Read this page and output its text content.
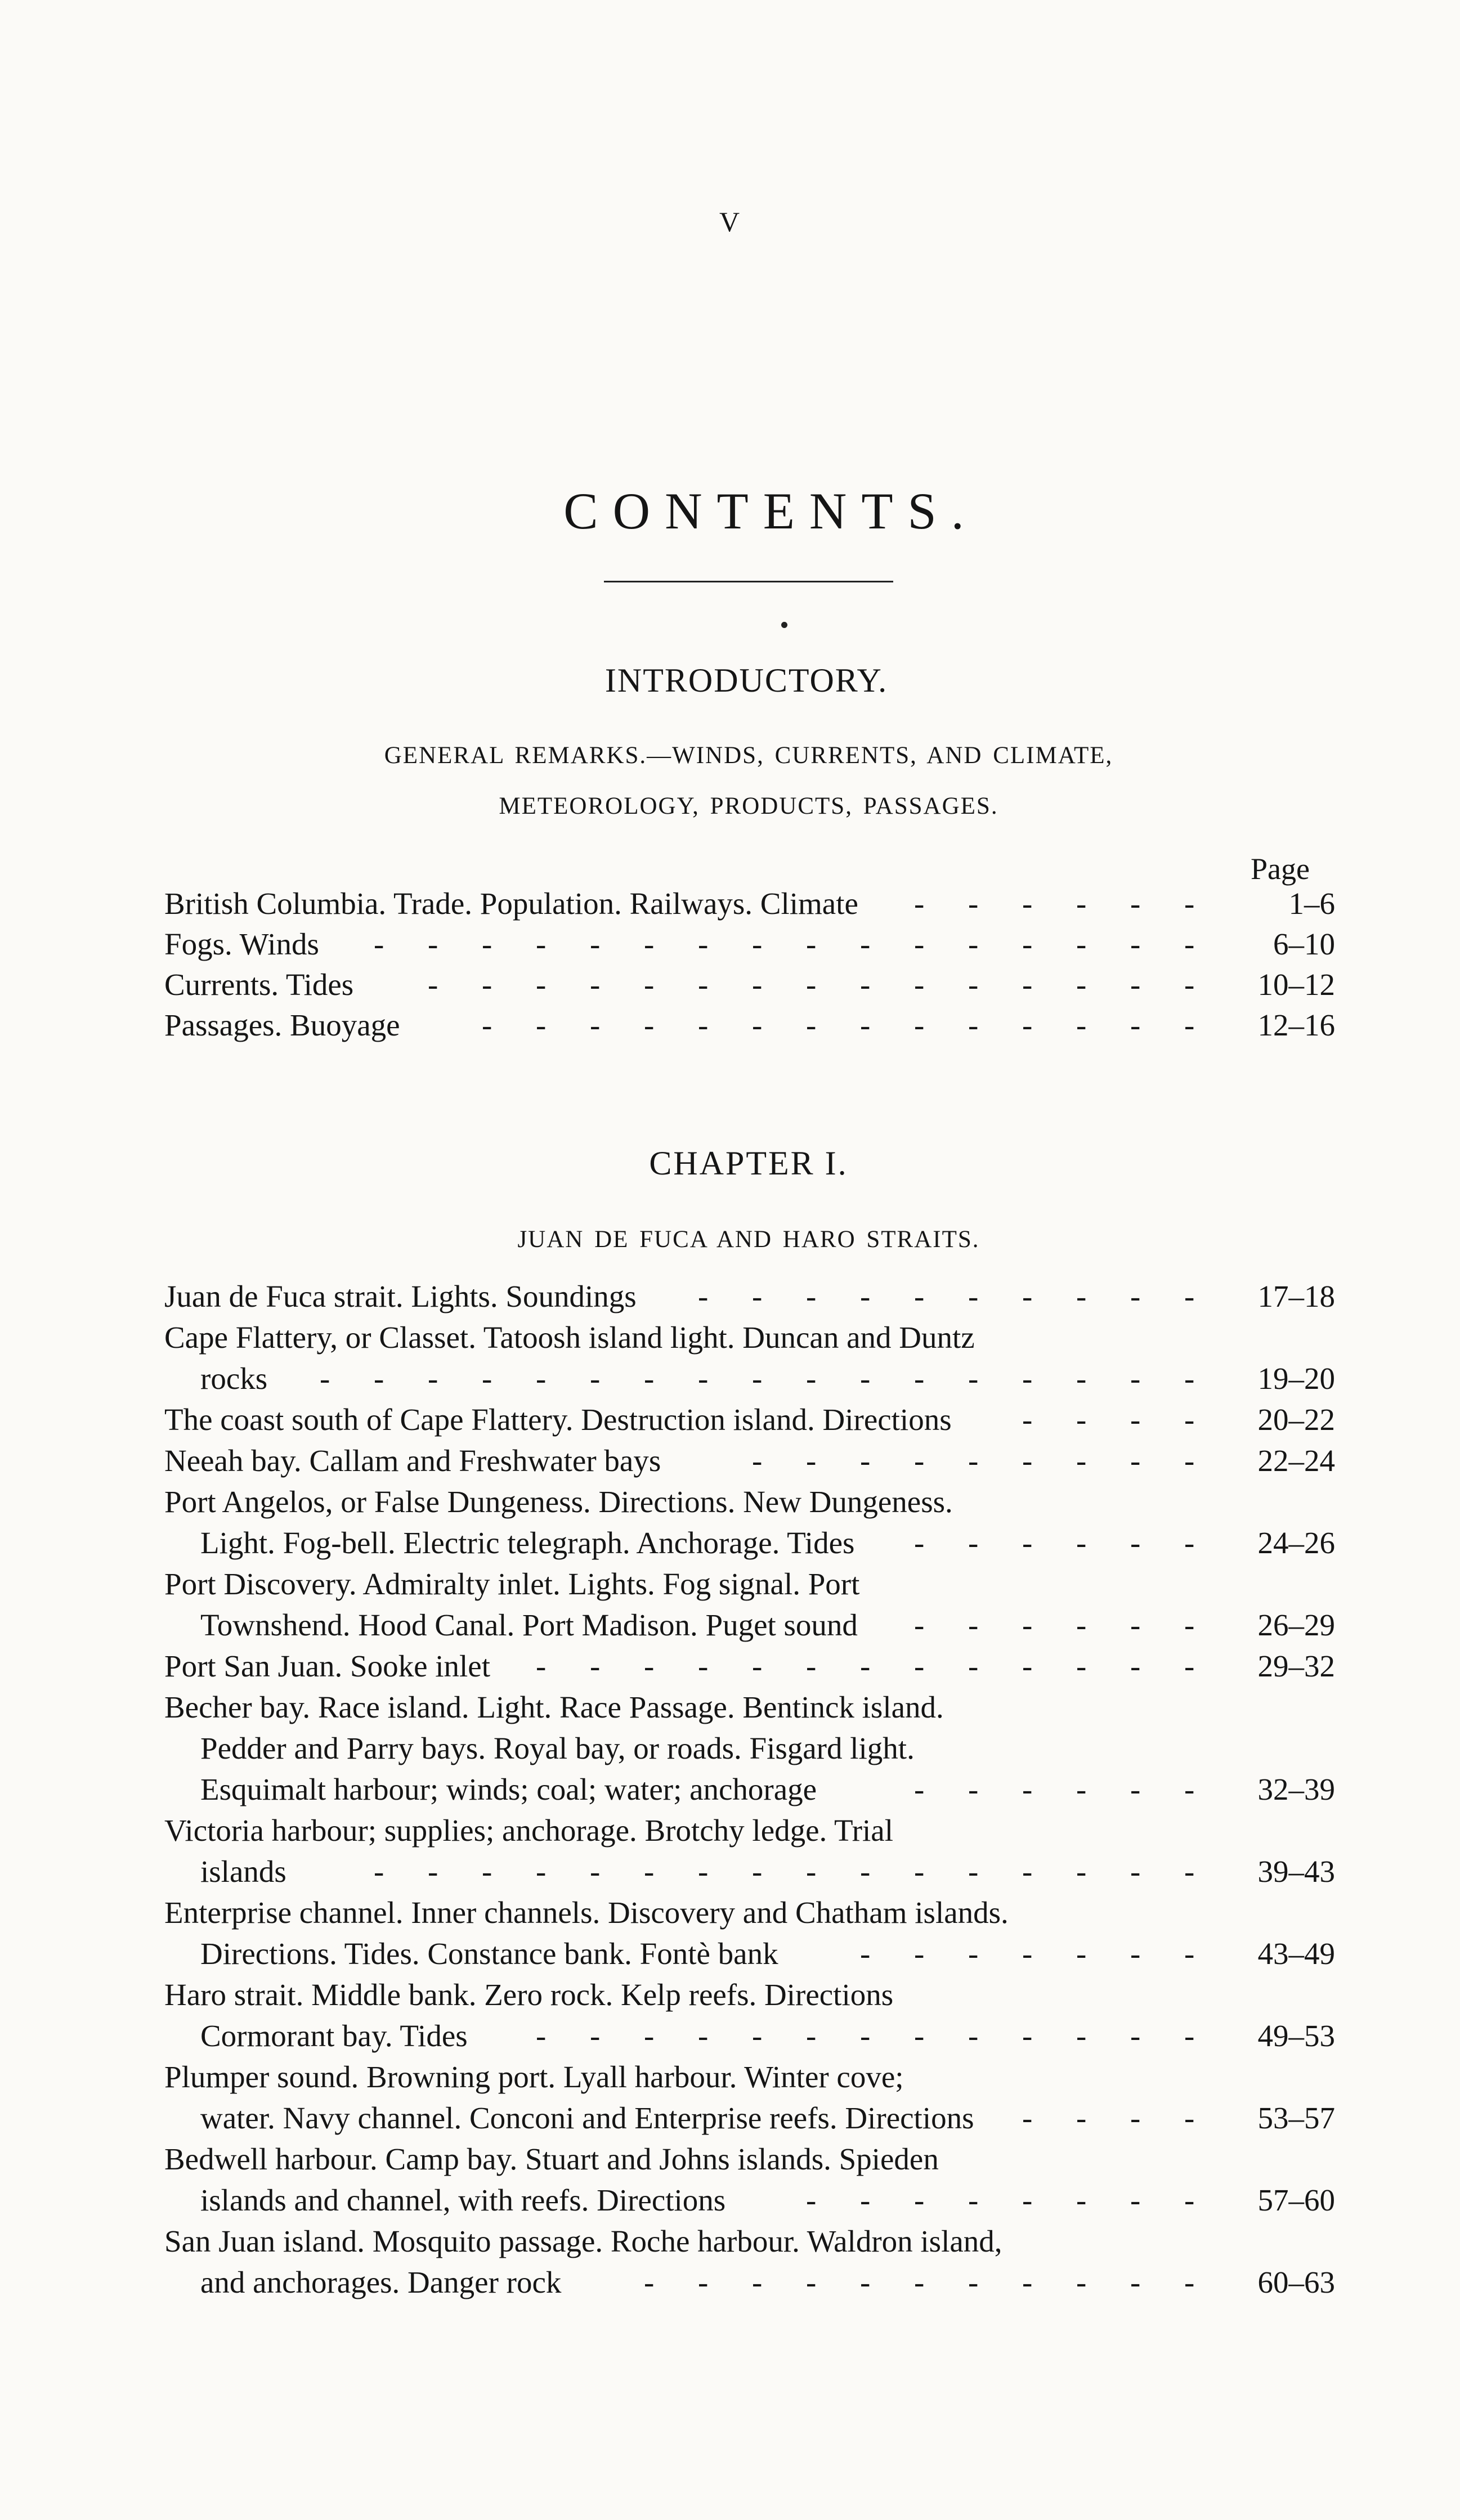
V
CONTENTS.
INTRODUCTORY.
GENERAL REMARKS.—WINDS, CURRENTS, AND CLIMATE,
METEOROLOGY, PRODUCTS, PASSAGES.
Page
British Columbia. Trade. Population. Railways. Climate - - - - - -	1–6
Fogs. Winds - - - - - - - - - - - - - - - -	6–10
Currents. Tides - - - - - - - - - - - - - - -	10–12
Passages. Buoyage	- - - - - - - - - - - - - -	12–16
CHAPTER I.
JUAN DE FUCA AND HARO STRAITS.
Juan de Fuca strait. Lights. Soundings - - - - - - - - - -	17–18
Cape Flattery, or Classet. Tatoosh island light. Duncan and Duntz
rocks - - - - - - - - - - - - - - - - -	19–20
The coast south of Cape Flattery. Destruction island. Directions - - - -	20–22
Neeah bay. Callam and Freshwater bays	- - - - - - - - -	22–24
Port Angelos, or False Dungeness. Directions. New Dungeness.
Light. Fog-bell. Electric telegraph. Anchorage. Tides - - - - - -	24–26
Port Discovery. Admiralty inlet. Lights. Fog signal. Port
Townshend. Hood Canal. Port Madison. Puget sound - - - - - -	26–29
Port San Juan. Sooke inlet - - - - - - - - - - - - -	29–32
Becher bay. Race island. Light. Race Passage. Bentinck island.
Pedder and Parry bays. Royal bay, or roads. Fisgard light.
Esquimalt harbour; winds; coal; water; anchorage	- - - - - -	32–39
Victoria harbour; supplies; anchorage. Brotchy ledge. Trial
islands	- - - - - - - - - - - - - - - -	39–43
Enterprise channel. Inner channels. Discovery and Chatham islands.
Directions. Tides. Constance bank. Fontè bank	- - - - - - -	43–49
Haro strait. Middle bank. Zero rock. Kelp reefs. Directions
Cormorant bay. Tides - - - - - - - - - - - - -	49–53
Plumper sound. Browning port. Lyall harbour. Winter cove;
water. Navy channel. Conconi and Enterprise reefs. Directions - - - -	53–57
Bedwell harbour. Camp bay. Stuart and Johns islands. Spieden
islands and channel, with reefs. Directions	- - - - - - - -	57–60
San Juan island. Mosquito passage. Roche harbour. Waldron island,
and anchorages. Danger rock	- - - - - - - - - - -	60–63
